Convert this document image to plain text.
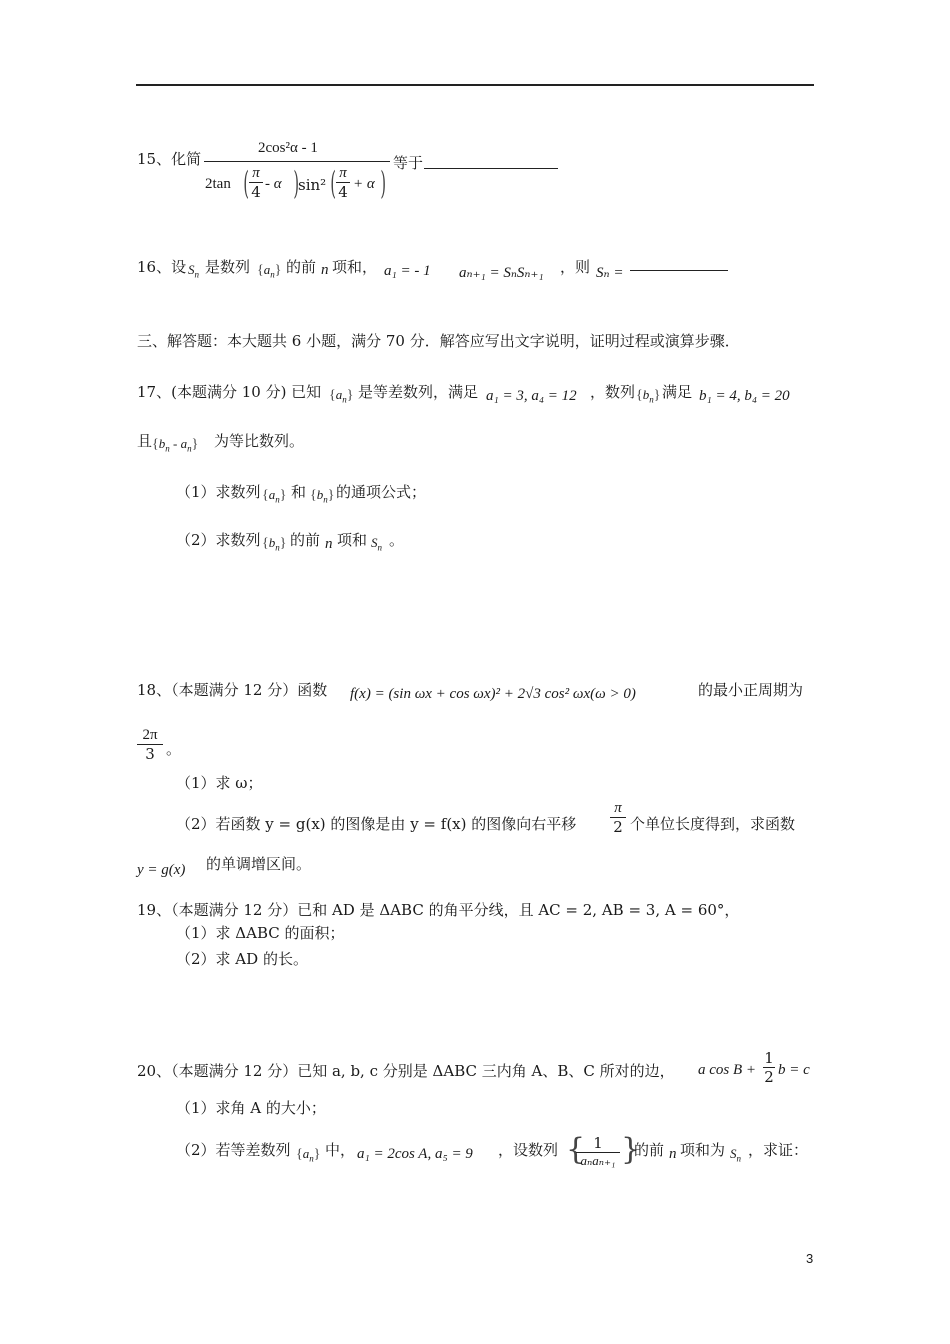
15、化简
2cos²α - 1
2tan ( π
4 - α )
sin² ( π
4 + α )
等于
16、设 $S_n$ 是数列 $\{a_n\}$ 的前 n 项和， a₁ = - 1 aₙ₊₁ = SₙSₙ₊₁ ，则 Sₙ =
三、解答题：本大题共 6 小题，满分 70 分．解答应写出文字说明，证明过程或演算步骤．
17、(本题满分 10 分) 已知 $\{a_n\}$ 是等差数列，满足 a₁ = 3, a₄ = 12 ，数列 $\{b_n\}$ 满足 b₁ = 4, b₄ = 20
且 $\{b_n - a_n\}$ 为等比数列。
（1）求数列 $\{a_n\}$ 和 $\{b_n\}$ 的通项公式；
（2）求数列 $\{b_n\}$ 的前 n 项和 $S_n$ 。
18、（本题满分 12 分）函数 f(x) = (sin ωx + cos ωx)² + 2√3 cos² ωx(ω > 0)	的最小正周期为
$\frac{2\pi}{3}$ 。
（1）求 ω；
（2）若函数 y = g(x) 的图像是由 y = f(x) 的图像向右平移 $\frac{\pi}{2}$ 个单位长度得到，求函数
y = g(x) 的单调增区间。
19、（本题满分 12 分）已和 AD 是 ΔABC 的角平分线，且 AC = 2, AB = 3, A = 60°，
（1）求 ΔABC 的面积；
（2）求 AD 的长。
20、（本题满分 12 分）已知 a, b, c 分别是 ΔABC 三内角 A、B、C 所对的边， a $\cos B + \frac{1}{2}$ b = c
（1）求角 A 的大小；
（2）若等差数列 $\{a_n\}$ 中， a₁ = 2cos A, a₅ = 9 ，设数列 { 1
aₙaₙ₊₁ }
的前 n 项和为 $S_n$ ，求证：
3
